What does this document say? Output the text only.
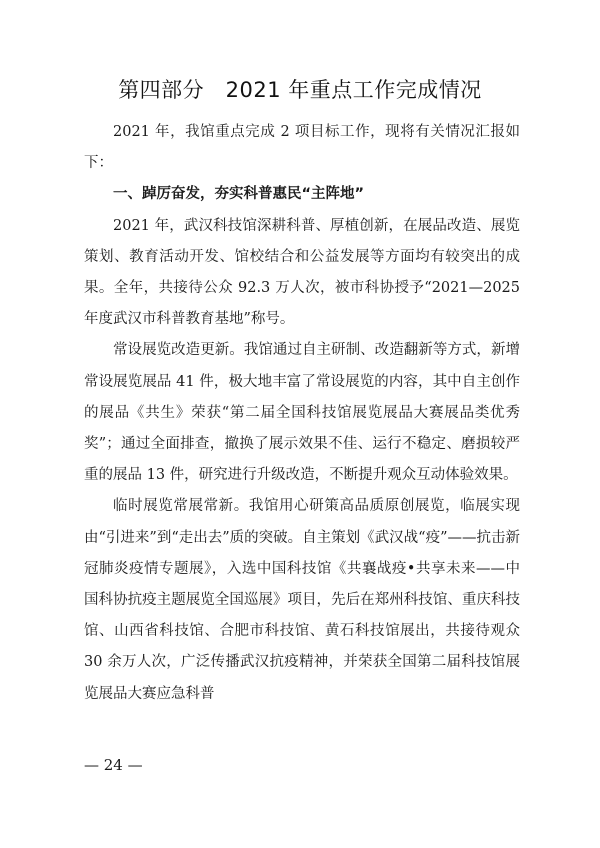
第四部分　2021 年重点工作完成情况

2021 年，我馆重点完成 2 项目标工作，现将有关情况汇报如下：

一、踔厉奋发，夯实科普惠民“主阵地”

2021 年，武汉科技馆深耕科普、厚植创新，在展品改造、展览策划、教育活动开发、馆校结合和公益发展等方面均有较突出的成果。全年，共接待公众 92.3 万人次，被市科协授予“2021—2025 年度武汉市科普教育基地”称号。

常设展览改造更新。我馆通过自主研制、改造翻新等方式，新增常设展览展品 41 件，极大地丰富了常设展览的内容，其中自主创作的展品《共生》荣获“第二届全国科技馆展览展品大赛展品类优秀奖”；通过全面排查，撤换了展示效果不佳、运行不稳定、磨损较严重的展品 13 件，研究进行升级改造，不断提升观众互动体验效果。

临时展览常展常新。我馆用心研策高品质原创展览，临展实现由“引进来”到“走出去”质的突破。自主策划《武汉战“疫”——抗击新冠肺炎疫情专题展》，入选中国科技馆《共襄战疫•共享未来——中国科协抗疫主题展览全国巡展》项目，先后在郑州科技馆、重庆科技馆、山西省科技馆、合肥市科技馆、黄石科技馆展出，共接待观众 30 余万人次，广泛传播武汉抗疫精神，并荣获全国第二届科技馆展览展品大赛应急科普

— 24 —
